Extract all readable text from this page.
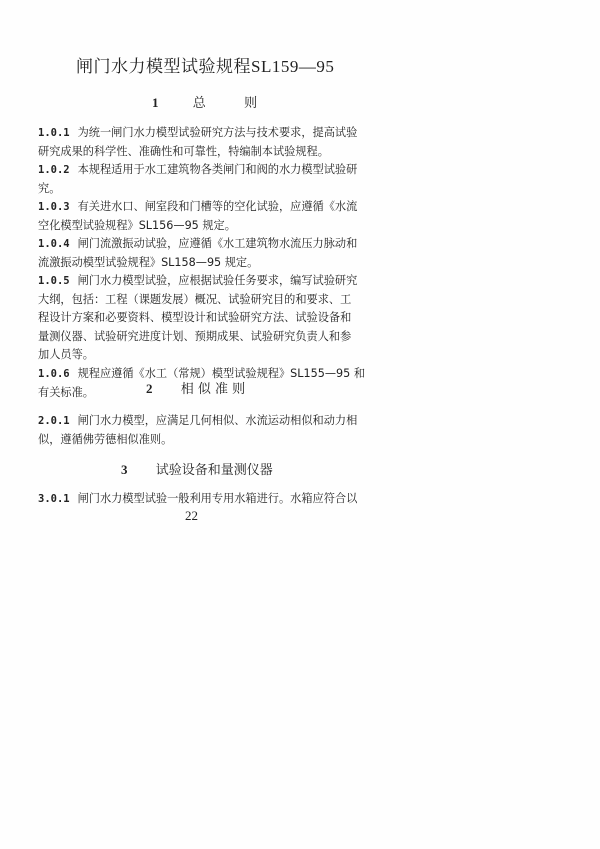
闸门水力模型试验规程SL159—95
1	总	则
1.0.1 为统一闸门水力模型试验研究方法与技术要求，提高试验
研究成果的科学性、准确性和可靠性，特编制本试验规程。
1.0.2 本规程适用于水工建筑物各类闸门和阀的水力模型试验研
究。
1.0.3 有关进水口、闸室段和门槽等的空化试验，应遵循《水流
空化模型试验规程》SL156—95 规定。
1.0.4 闸门流激振动试验，应遵循《水工建筑物水流压力脉动和
流激振动模型试验规程》SL158—95 规定。
1.0.5 闸门水力模型试验，应根据试验任务要求，编写试验研究
大纲，包括：工程（课题发展）概况、试验研究目的和要求、工
程设计方案和必要资料、模型设计和试验研究方法、试验设备和
量测仪器、试验研究进度计划、预期成果、试验研究负责人和参
加人员等。
1.0.6 规程应遵循《水工（常规）模型试验规程》SL155—95 和
有关标准。	2 相 似 准 则
2.0.1 闸门水力模型，应满足几何相似、水流运动相似和动力相
似，遵循佛劳德相似准则。
3 试验设备和量测仪器
3.0.1 闸门水力模型试验一般利用专用水箱进行。水箱应符合以
22
